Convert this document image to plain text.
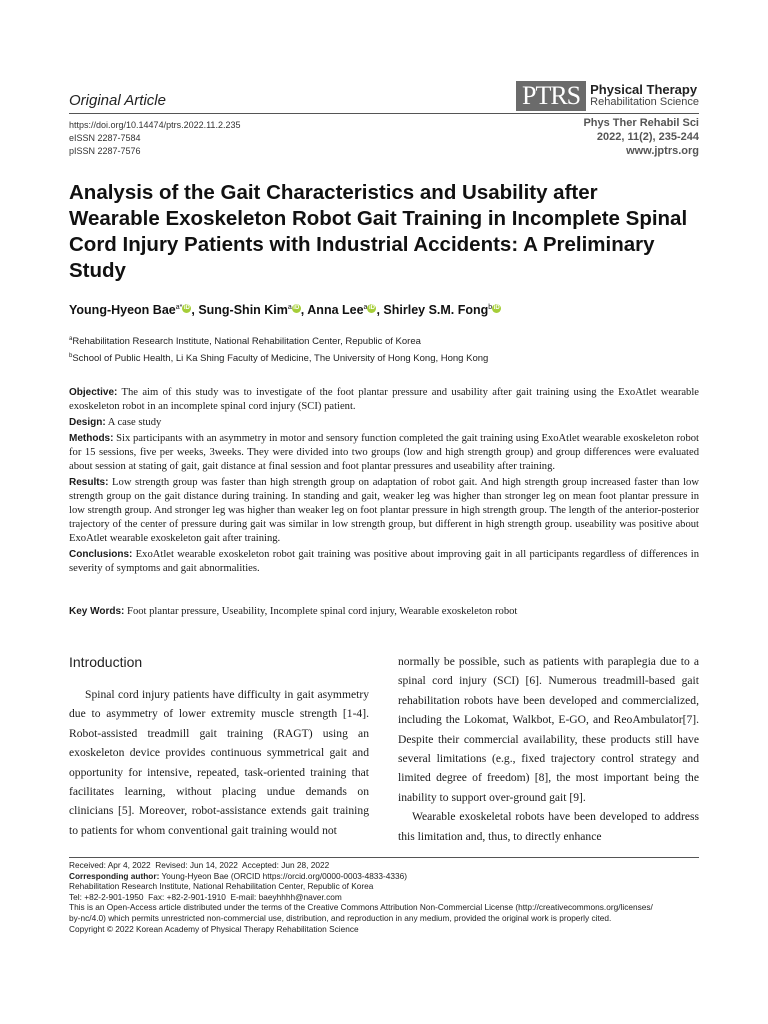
Original Article	PTRS Physical Therapy
Rehabilitation Science
https://doi.org/10.14474/ptrs.2022.11.2.235
eISSN 2287-7584
pISSN 2287-7576
Phys Ther Rehabil Sci
2022, 11(2), 235-244
www.jptrs.org
Analysis of the Gait Characteristics and Usability after Wearable Exoskeleton Robot Gait Training in Incomplete Spinal Cord Injury Patients with Industrial Accidents: A Preliminary Study
Young-Hyeon Bae$^{a*}$ iD , Sung-Shin Kim$^a$ iD , Anna Lee$^a$ iD , Shirley S.M. Fong$^b$ iD
$^a$Rehabilitation Research Institute, National Rehabilitation Center, Republic of Korea
$^b$School of Public Health, Li Ka Shing Faculty of Medicine, The University of Hong Kong, Hong Kong

Objective: The aim of this study was to investigate of the foot plantar pressure and usability after gait training using the ExoAtlet wearable exoskeleton robot in an incomplete spinal cord injury (SCI) patient.

Design: A case study

Methods: Six participants with an asymmetry in motor and sensory function completed the gait training using ExoAtlet wearable exoskeleton robot for 15 sessions, five per weeks, 3weeks. They were divided into two groups (low and high strength group) and group differences were evaluated about session at stating of gait, gait distance at final session and foot plantar pressures and useability after training.

Results: Low strength group was faster than high strength group on adaptation of robot gait. And high strength group increased faster than low strength group on the gait distance during training. In standing and gait, weaker leg was higher than stronger leg on mean foot plantar pressure in low strength group. And stronger leg was higher than weaker leg on foot plantar pressure in high strength group. The length of the anterior-posterior trajectory of the center of pressure during gait was similar in low strength group, but different in high strength group. useability was positive about ExoAtlet wearable exoskeleton gait after training.

Conclusions: ExoAtlet wearable exoskeleton robot gait training was positive about improving gait in all participants regardless of differences in severity of symptoms and gait abnormalities.

Key Words: Foot plantar pressure, Useability, Incomplete spinal cord injury, Wearable exoskeleton robot
Introduction

Spinal cord injury patients have difficulty in gait asymmetry due to asymmetry of lower extremity muscle strength [1-4]. Robot-assisted treadmill gait training (RAGT) using an exoskeleton device provides continuous symmetrical gait and opportunity for intensive, repeated, task-oriented training that facilitates learning, without placing undue demands on clinicians [5]. Moreover, robot-assistance extends gait training to patients for whom conventional gait training would not

normally be possible, such as patients with paraplegia due to a spinal cord injury (SCI) [6]. Numerous treadmill-based gait rehabilitation robots have been developed and commercialized, including the Lokomat, Walkbot, E-GO, and ReoAmbulator[7]. Despite their commercial availability, these products still have several limitations (e.g., fixed trajectory control strategy and limited degree of freedom) [8], the most important being the inability to support over-ground gait [9].

Wearable exoskeletal robots have been developed to address this limitation and, thus, to directly enhance

Received: Apr 4, 2022 Revised: Jun 14, 2022 Accepted: Jun 28, 2022
Corresponding author: Young-Hyeon Bae (ORCID https://orcid.org/0000-0003-4833-4336)
Rehabilitation Research Institute, National Rehabilitation Center, Republic of Korea
Tel: +82-2-901-1950 Fax: +82-2-901-1910 E-mail: baeyhhhh@naver.com
This is an Open-Access article distributed under the terms of the Creative Commons Attribution Non-Commercial License (http://creativecommons.org/licenses/
by-nc/4.0) which permits unrestricted non-commercial use, distribution, and reproduction in any medium, provided the original work is properly cited.
Copyright © 2022 Korean Academy of Physical Therapy Rehabilitation Science
